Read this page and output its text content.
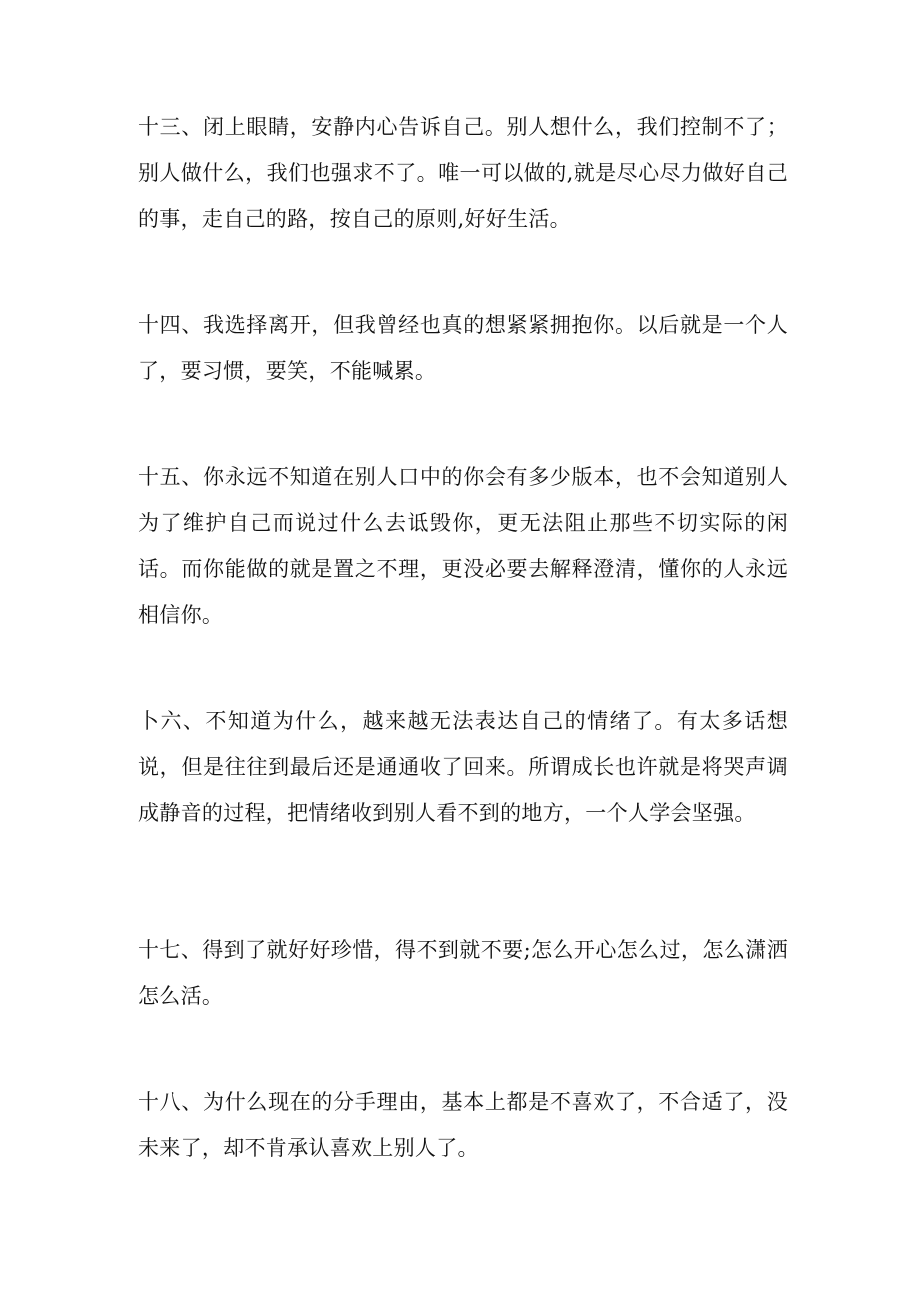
十三、闭上眼睛，安静内心告诉自己。别人想什么，我们控制不了；别人做什么，我们也强求不了。唯一可以做的,就是尽心尽力做好自己的事，走自己的路，按自己的原则,好好生活。

十四、我选择离开，但我曾经也真的想紧紧拥抱你。以后就是一个人了，要习惯，要笑，不能喊累。

十五、你永远不知道在别人口中的你会有多少版本，也不会知道别人为了维护自己而说过什么去诋毁你，更无法阻止那些不切实际的闲话。而你能做的就是置之不理，更没必要去解释澄清，懂你的人永远相信你。

卜六、不知道为什么，越来越无法表达自己的情绪了。有太多话想说，但是往往到最后还是通通收了回来。所谓成长也许就是将哭声调成静音的过程，把情绪收到别人看不到的地方，一个人学会坚强。

十七、得到了就好好珍惜，得不到就不要;怎么开心怎么过，怎么潇洒怎么活。

十八、为什么现在的分手理由，基本上都是不喜欢了，不合适了，没未来了，却不肯承认喜欢上别人了。
